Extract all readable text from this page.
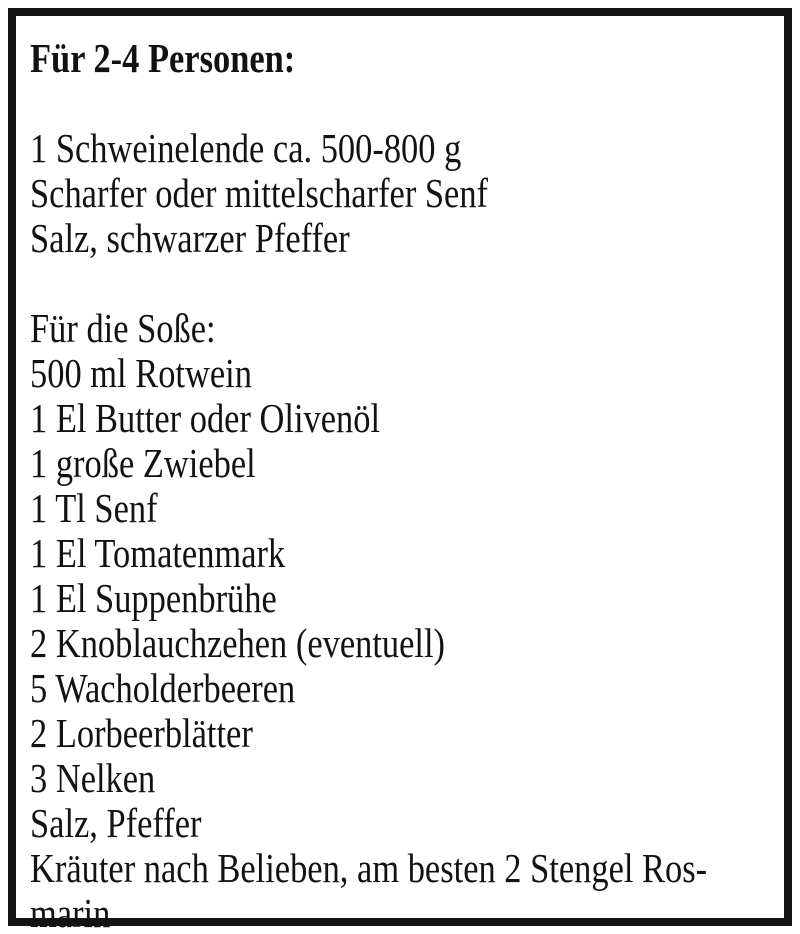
Für 2-4 Personen:
1 Schweinelende ca. 500-800 g
Scharfer oder mittelscharfer Senf
Salz, schwarzer Pfeffer
Für die Soße:
500 ml Rotwein
1 El Butter oder Olivenöl
1 große Zwiebel
1 Tl Senf
1 El Tomatenmark
1 El Suppenbrühe
2 Knoblauchzehen (eventuell)
5 Wacholderbeeren
2 Lorbeerblätter
3 Nelken
Salz, Pfeffer
Kräuter nach Belieben, am besten 2 Stengel Ros-
marin
